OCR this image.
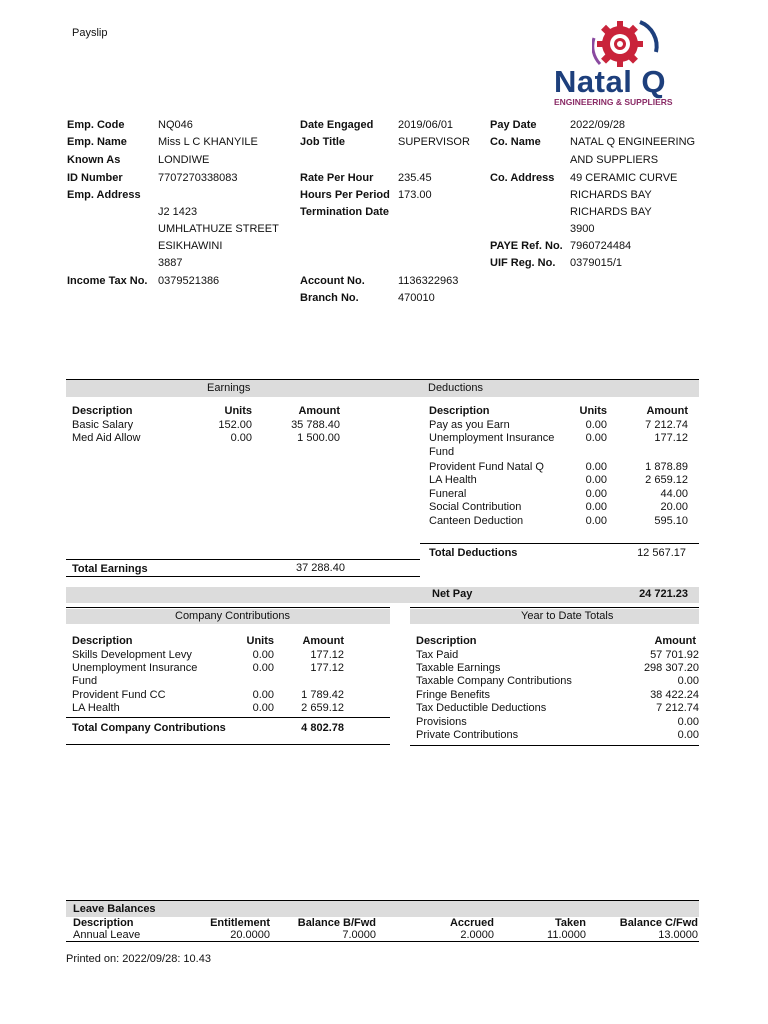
Payslip
Natal Q
ENGINEERING & SUPPLIERS
Emp. Code	NQ046
Emp. Name	Miss L C KHANYILE
Known As	LONDIWE
ID Number	7707270338083
Emp. Address
J2 1423
UMHLATHUZE STREET
ESIKHAWINI
3887
Income Tax No. 0379521386
Date Engaged 2019/06/01
Job Title	SUPERVISOR
Rate Per Hour 235.45
Hours Per Period 173.00
Termination Date
Account No.	1136322963
Branch No.	470010
Pay Date	2022/09/28
Co. Name	NATAL Q ENGINEERING
AND SUPPLIERS
Co. Address 49 CERAMIC CURVE
RICHARDS BAY
RICHARDS BAY
3900
PAYE Ref. No. 7960724484
UIF Reg. No. 0379015/1
Earnings	Deductions
Description	Units	Amount
Basic Salary	152.00	35 788.40
Med Aid Allow	0.00	1 500.00
Total Earnings	37 288.40
Description	Units	Amount
Pay as you Earn	0.00	7 212.74
Unemployment Insurance
Fund
0.00	177.12
Provident Fund Natal Q	0.00	1 878.89
LA Health	0.00	2 659.12
Funeral	0.00	44.00
Social Contribution	0.00	20.00
Canteen Deduction	0.00	595.10
Total Deductions	12 567.17
Net Pay	24 721.23
Company Contributions
Description	Units	Amount
Skills Development Levy	0.00	177.12
Unemployment Insurance
Fund
0.00	177.12
Provident Fund CC	0.00	1 789.42
LA Health	0.00	2 659.12
Total Company Contributions	4 802.78
Year to Date Totals
Description	Amount
Tax Paid	57 701.92
Taxable Earnings	298 307.20
Taxable Company Contributions	0.00
Fringe Benefits	38 422.24
Tax Deductible Deductions	7 212.74
Provisions	0.00
Private Contributions	0.00
Leave Balances
Description	Entitlement	Balance B/Fwd	Accrued	Taken	Balance C/Fwd
Annual Leave	20.0000	7.0000	2.0000	11.0000	13.0000
Printed on: 2022/09/28: 10.43
